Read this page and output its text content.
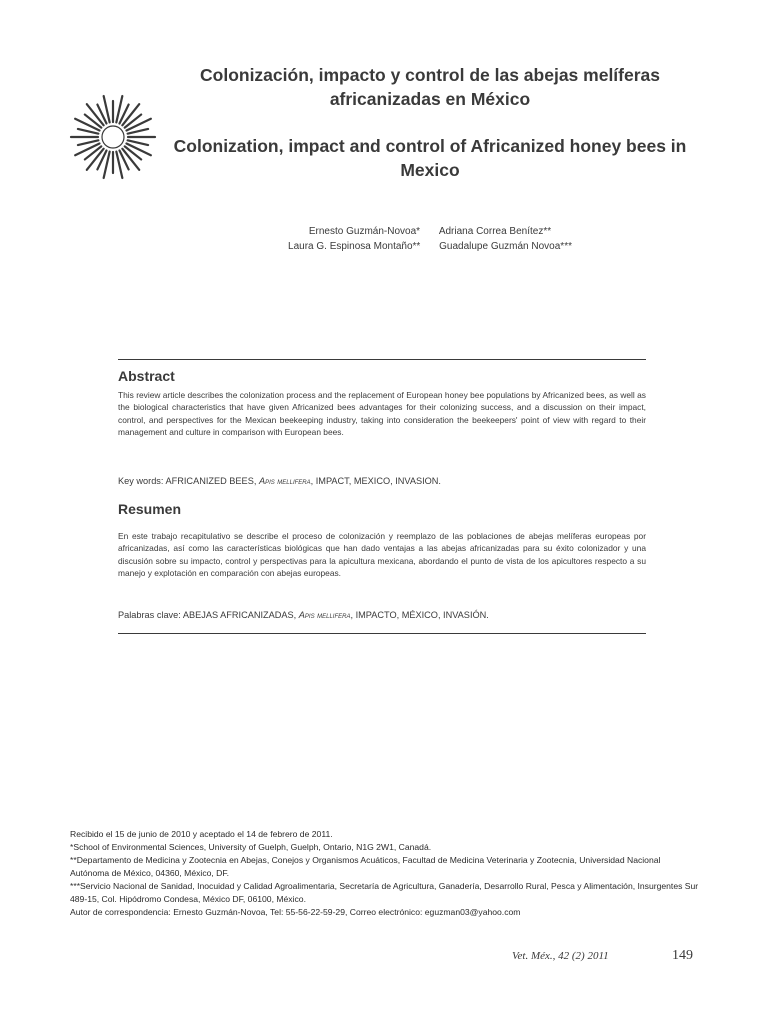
Colonización, impacto y control de las abejas melíferas africanizadas en México
Colonization, impact and control of Africanized honey bees in Mexico
Ernesto Guzmán-Novoa* Adriana Correa Benítez**
Laura G. Espinosa Montaño** Guadalupe Guzmán Novoa***
Abstract
This review article describes the colonization process and the replacement of European honey bee populations by Africanized bees, as well as the biological characteristics that have given Africanized bees advantages for their colonizing success, and a discussion on their impact, control, and perspectives for the Mexican beekeeping industry, taking into consideration the beekeepers' point of view with regard to their management and culture in comparison with European bees.
Key words: AFRICANIZED BEES, Apis mellifera, IMPACT, MEXICO, INVASION.
Resumen
En este trabajo recapitulativo se describe el proceso de colonización y reemplazo de las poblaciones de abejas melíferas europeas por africanizadas, así como las características biológicas que han dado ventajas a las abejas africanizadas para su éxito colonizador y una discusión sobre su impacto, control y perspectivas para la apicultura mexicana, abordando el punto de vista de los apicultores respecto a su manejo y explotación en comparación con abejas europeas.
Palabras clave: ABEJAS AFRICANIZADAS, Apis mellifera, IMPACTO, MÉXICO, INVASIÓN.
Recibido el 15 de junio de 2010 y aceptado el 14 de febrero de 2011.
*School of Environmental Sciences, University of Guelph, Guelph, Ontario, N1G 2W1, Canadá.
**Departamento de Medicina y Zootecnia en Abejas, Conejos y Organismos Acuáticos, Facultad de Medicina Veterinaria y Zootecnia, Universidad Nacional Autónoma de México, 04360, México, DF.
***Servicio Nacional de Sanidad, Inocuidad y Calidad Agroalimentaria, Secretaría de Agricultura, Ganadería, Desarrollo Rural, Pesca y Alimentación, Insurgentes Sur 489-15, Col. Hipódromo Condesa, México DF, 06100, México.
Autor de correspondencia: Ernesto Guzmán-Novoa, Tel: 55-56-22-59-29, Correo electrónico: eguzman03@yahoo.com
Vet. Méx., 42 (2) 2011	149
